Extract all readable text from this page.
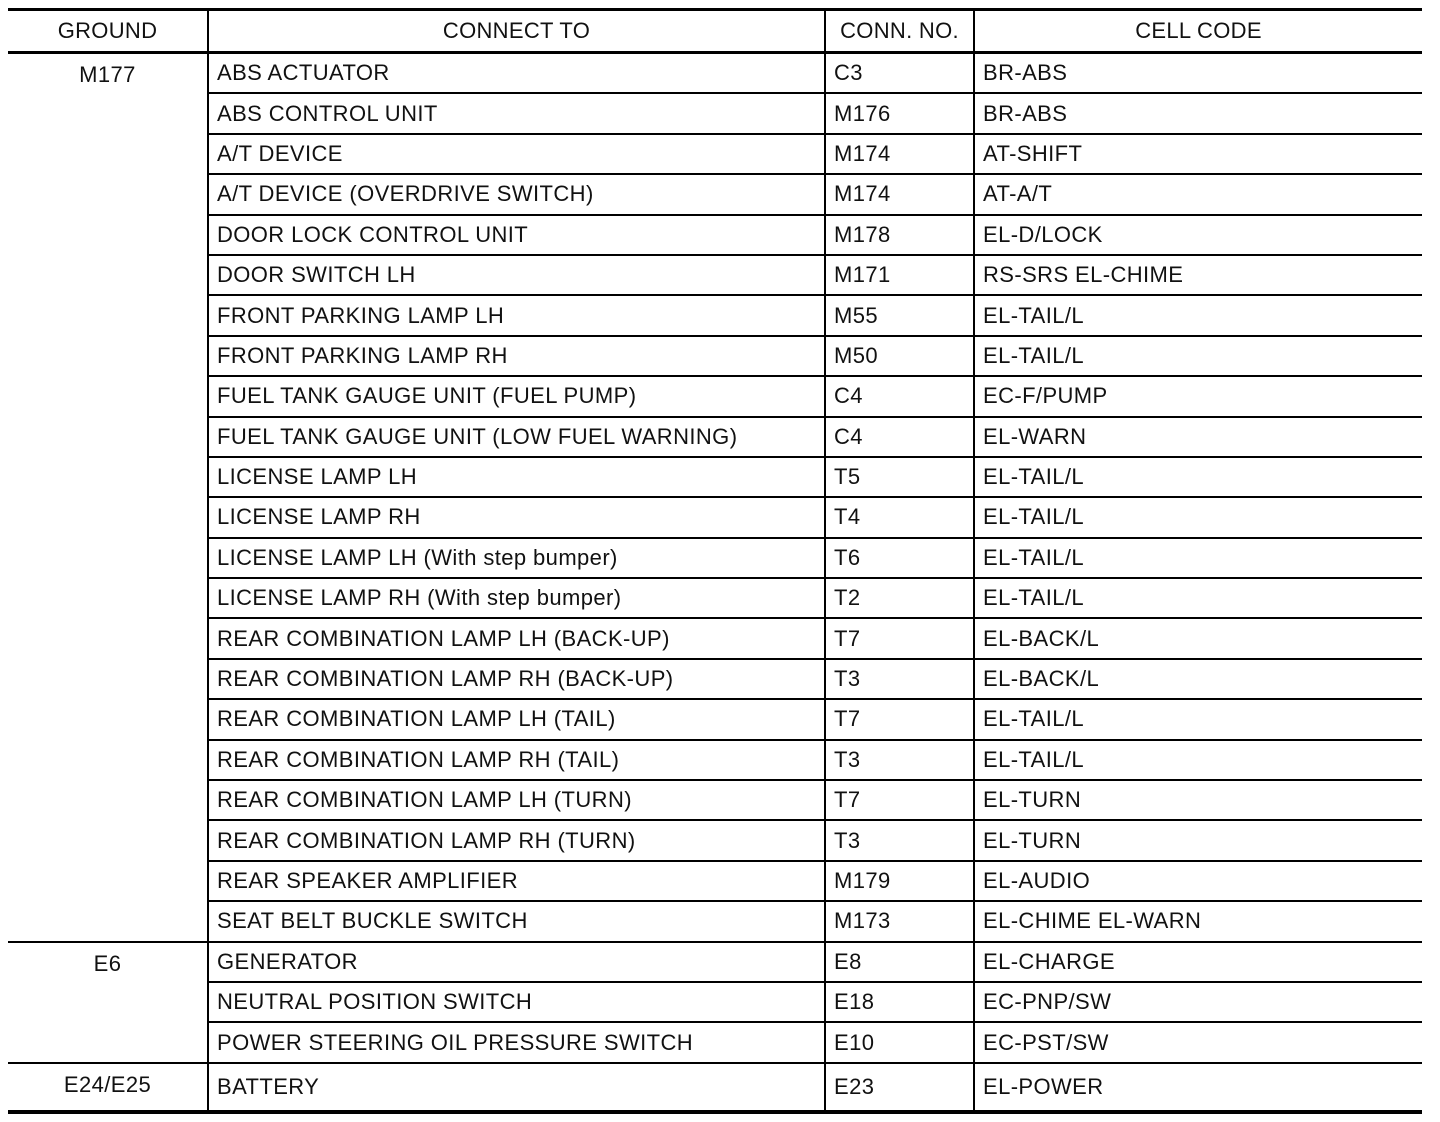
GROUND	CONNECT TO	CONN. NO.	CELL CODE
M177	ABS ACTUATOR	C3	BR-ABS
	ABS CONTROL UNIT	M176	BR-ABS
	A/T DEVICE	M174	AT-SHIFT
	A/T DEVICE (OVERDRIVE SWITCH)	M174	AT-A/T
	DOOR LOCK CONTROL UNIT	M178	EL-D/LOCK
	DOOR SWITCH LH	M171	RS-SRS EL-CHIME
	FRONT PARKING LAMP LH	M55	EL-TAIL/L
	FRONT PARKING LAMP RH	M50	EL-TAIL/L
	FUEL TANK GAUGE UNIT (FUEL PUMP)	C4	EC-F/PUMP
	FUEL TANK GAUGE UNIT (LOW FUEL WARNING)	C4	EL-WARN
	LICENSE LAMP LH	T5	EL-TAIL/L
	LICENSE LAMP RH	T4	EL-TAIL/L
	LICENSE LAMP LH (With step bumper)	T6	EL-TAIL/L
	LICENSE LAMP RH (With step bumper)	T2	EL-TAIL/L
	REAR COMBINATION LAMP LH (BACK-UP)	T7	EL-BACK/L
	REAR COMBINATION LAMP RH (BACK-UP)	T3	EL-BACK/L
	REAR COMBINATION LAMP LH (TAIL)	T7	EL-TAIL/L
	REAR COMBINATION LAMP RH (TAIL)	T3	EL-TAIL/L
	REAR COMBINATION LAMP LH (TURN)	T7	EL-TURN
	REAR COMBINATION LAMP RH (TURN)	T3	EL-TURN
	REAR SPEAKER AMPLIFIER	M179	EL-AUDIO
	SEAT BELT BUCKLE SWITCH	M173	EL-CHIME EL-WARN
E6	GENERATOR	E8	EL-CHARGE
	NEUTRAL POSITION SWITCH	E18	EC-PNP/SW
	POWER STEERING OIL PRESSURE SWITCH	E10	EC-PST/SW
E24/E25	BATTERY	E23	EL-POWER
